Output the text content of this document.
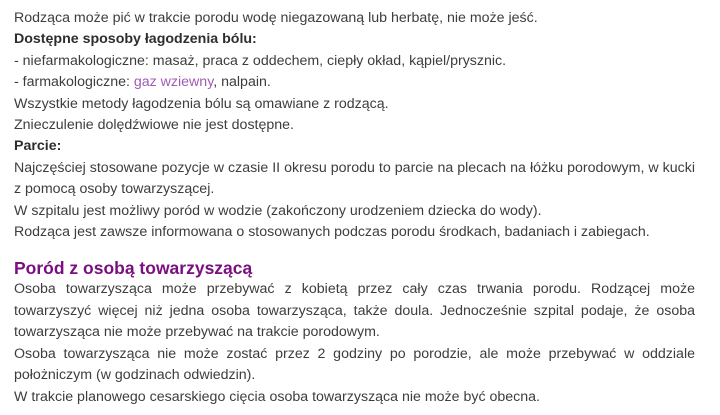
Rodząca może pić w trakcie porodu wodę niegazowaną lub herbatę, nie może jeść.

Dostępne sposoby łagodzenia bólu:

- niefarmakologiczne: masaż, praca z oddechem, ciepły okład, kąpiel/prysznic.

- farmakologiczne: gaz wziewny, nalpain.

Wszystkie metody łagodzenia bólu są omawiane z rodzącą.

Znieczulenie dolędźwiowe nie jest dostępne.

Parcie:

Najczęściej stosowane pozycje w czasie II okresu porodu to parcie na plecach na łóżku porodowym, w kucki z pomocą osoby towarzyszącej.

W szpitalu jest możliwy poród w wodzie (zakończony urodzeniem dziecka do wody).

Rodząca jest zawsze informowana o stosowanych podczas porodu środkach, badaniach i zabiegach.

Poród z osobą towarzyszącą

Osoba towarzysząca może przebywać z kobietą przez cały czas trwania porodu. Rodzącej może towarzyszyć więcej niż jedna osoba towarzysząca, także doula. Jednocześnie szpital podaje, że osoba towarzysząca nie może przebywać na trakcie porodowym.

Osoba towarzysząca nie może zostać przez 2 godziny po porodzie, ale może przebywać w oddziale położniczym (w godzinach odwiedzin).

W trakcie planowego cesarskiego cięcia osoba towarzysząca nie może być obecna.
